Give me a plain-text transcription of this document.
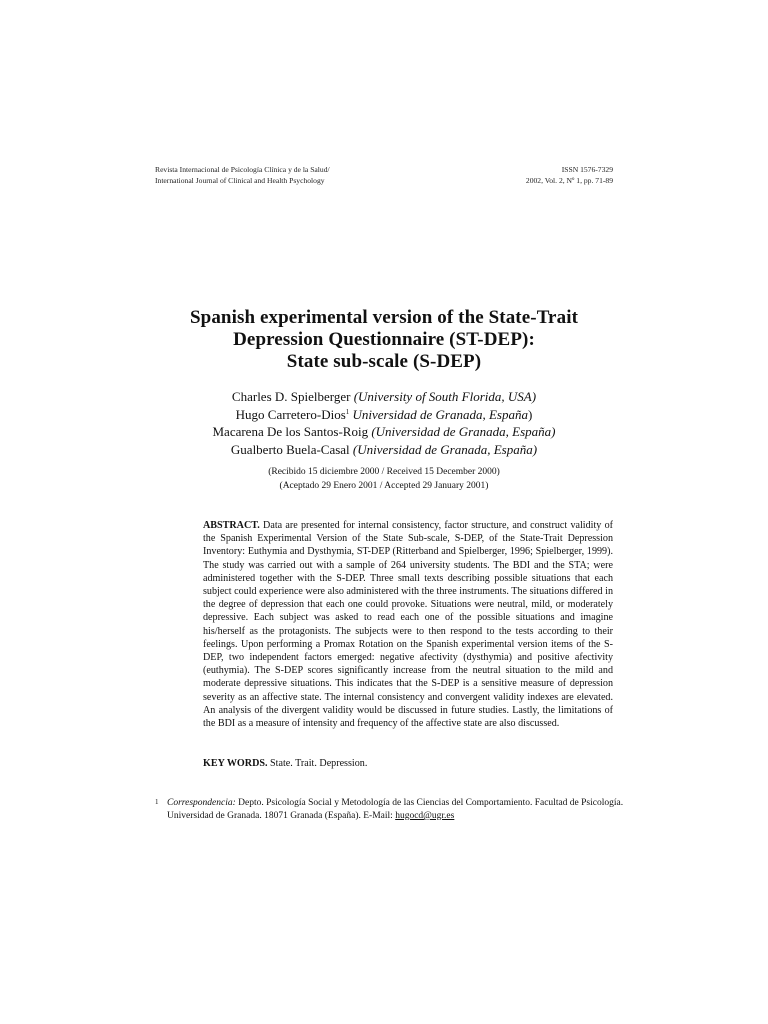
Revista Internacional de Psicología Clínica y de la Salud/
International Journal of Clinical and Health Psychology
ISSN 1576-7329
2002, Vol. 2, Nº 1, pp. 71-89
Spanish experimental version of the State-Trait
Depression Questionnaire (ST-DEP):
State sub-scale (S-DEP)
Charles D. Spielberger (University of South Florida, USA)
Hugo Carretero-Dios$^1$ Universidad de Granada, España)
Macarena De los Santos-Roig (Universidad de Granada, España)
Gualberto Buela-Casal (Universidad de Granada, España)
(Recibido 15 diciembre 2000 / Received 15 December 2000)
(Aceptado 29 Enero 2001 / Accepted 29 January 2001)
ABSTRACT. Data are presented for internal consistency, factor structure, and construct validity of the Spanish Experimental Version of the State Sub-scale, S-DEP, of the State-Trait Depression Inventory: Euthymia and Dysthymia, ST-DEP (Ritterband and Spielberger, 1996; Spielberger, 1999). The study was carried out with a sample of 264 university students. The BDI and the STA; were administered together with the S-DEP. Three small texts describing possible situations that each subject could experience were also administered with the three instruments. The situations differed in the degree of depression that each one could provoke. Situations were neutral, mild, or moderately depressive. Each subject was asked to read each one of the possible situations and imagine his/herself as the protagonists. The subjects were to then respond to the tests according to their feelings. Upon performing a Promax Rotation on the Spanish experimental version items of the S-DEP, two independent factors emerged: negative afectivity (dysthymia) and positive afectivity (euthymia). The S-DEP scores significantly increase from the neutral situation to the mild and moderate depressive situations. This indicates that the S-DEP is a sensitive measure of depression severity as an affective state. The internal consistency and convergent validity indexes are elevated. An analysis of the divergent validity would be discussed in future studies. Lastly, the limitations of the BDI as a measure of intensity and frequency of the affective state are also discussed.
KEY WORDS. State. Trait. Depression.
1 Correspondencia: Depto. Psicología Social y Metodología de las Ciencias del Comportamiento. Facultad de Psicología. Universidad de Granada. 18071 Granada (España). E-Mail: hugocd@ugr.es
